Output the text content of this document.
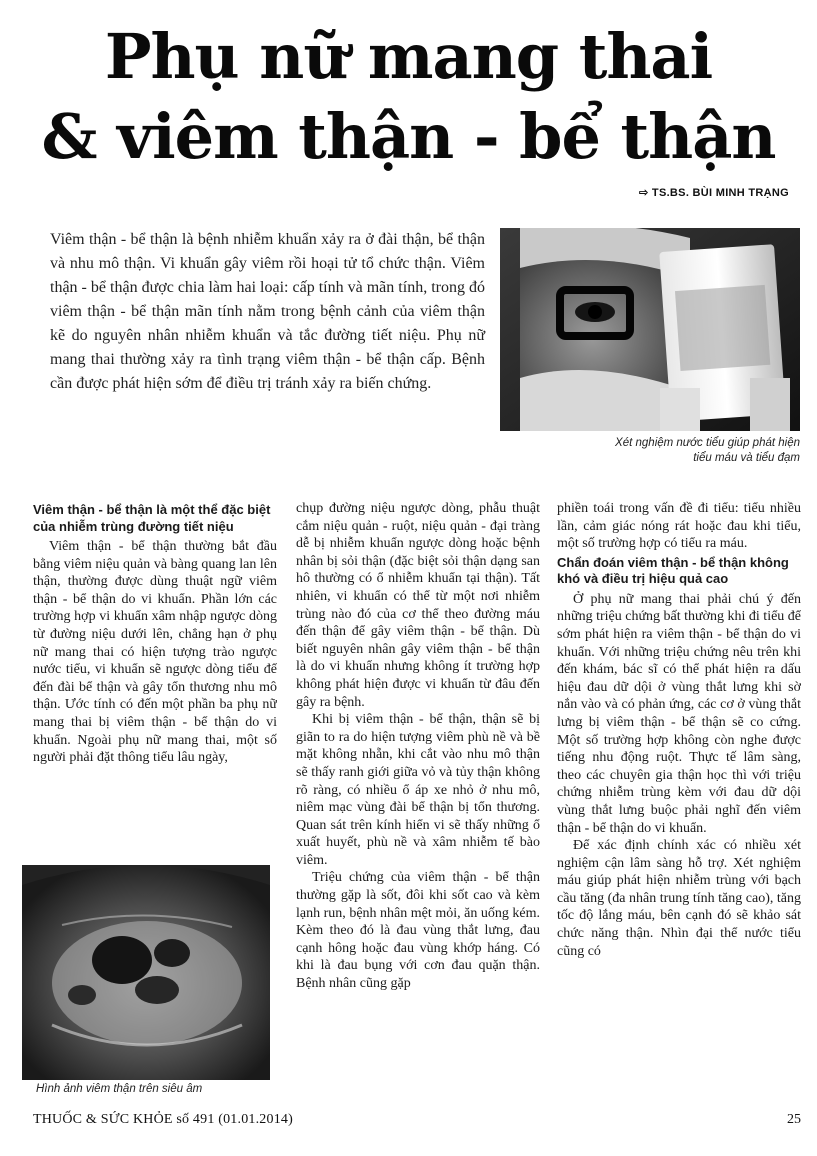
Phụ nữ mang thai
& viêm thận - bể thận
⇨ TS.BS. BÙI MINH TRẠNG
Viêm thận - bể thận là bệnh nhiễm khuẩn xảy ra ở đài thận, bể thận và nhu mô thận. Vi khuẩn gây viêm rồi hoại tử tổ chức thận. Viêm thận - bể thận được chia làm hai loại: cấp tính và mãn tính, trong đó viêm thận - bể thận mãn tính nằm trong bệnh cảnh của viêm thận kẽ do nguyên nhân nhiễm khuẩn và tắc đường tiết niệu. Phụ nữ mang thai thường xảy ra tình trạng viêm thận - bể thận cấp. Bệnh cần được phát hiện sớm để điều trị tránh xảy ra biến chứng.
Xét nghiệm nước tiểu giúp phát hiện
tiểu máu và tiểu đạm
Viêm thận - bể thận là một thể đặc biệt của nhiễm trùng đường tiết niệu

Viêm thận - bể thận thường bắt đầu bằng viêm niệu quản và bàng quang lan lên thận, thường được dùng thuật ngữ viêm thận - bể thận do vi khuẩn. Phần lớn các trường hợp vi khuẩn xâm nhập ngược dòng từ đường niệu dưới lên, chẳng hạn ở phụ nữ mang thai có hiện tượng trào ngược nước tiểu, vi khuẩn sẽ ngược dòng tiểu để đến đài bể thận và gây tổn thương nhu mô thận. Ước tính có đến một phần ba phụ nữ mang thai bị viêm thận - bể thận do vi khuẩn. Ngoài phụ nữ mang thai, một số người phải đặt thông tiểu lâu ngày,

chụp đường niệu ngược dòng, phẫu thuật cắm niệu quản - ruột, niệu quản - đại tràng dễ bị nhiễm khuẩn ngược dòng hoặc bệnh nhân bị sỏi thận (đặc biệt sỏi thận dạng san hô thường có ổ nhiễm khuẩn tại thận). Tất nhiên, vi khuẩn có thể từ một nơi nhiễm trùng nào đó của cơ thể theo đường máu đến thận để gây viêm thận - bể thận. Dù biết nguyên nhân gây viêm thận - bể thận là do vi khuẩn nhưng không ít trường hợp không phát hiện được vi khuẩn từ đâu đến gây ra bệnh.

Khi bị viêm thận - bể thận, thận sẽ bị giãn to ra do hiện tượng viêm phù nề và bề mặt không nhẵn, khi cắt vào nhu mô thận sẽ thấy ranh giới giữa vỏ và tủy thận không rõ ràng, có nhiều ổ áp xe nhỏ ở nhu mô, niêm mạc vùng đài bể thận bị tổn thương. Quan sát trên kính hiển vi sẽ thấy những ổ xuất huyết, phù nề và xâm nhiễm tế bào viêm.

Triệu chứng của viêm thận - bể thận thường gặp là sốt, đôi khi sốt cao và kèm lạnh run, bệnh nhân mệt mỏi, ăn uống kém. Kèm theo đó là đau vùng thắt lưng, đau cạnh hông hoặc đau vùng khớp háng. Có khi là đau bụng với cơn đau quặn thận. Bệnh nhân cũng gặp

phiền toái trong vấn đề đi tiểu: tiểu nhiều lần, cảm giác nóng rát hoặc đau khi tiểu, một số trường hợp có tiểu ra máu.

Chẩn đoán viêm thận - bể thận không khó và điều trị hiệu quả cao

Ở phụ nữ mang thai phải chú ý đến những triệu chứng bất thường khi đi tiểu để sớm phát hiện ra viêm thận - bể thận do vi khuẩn. Với những triệu chứng nêu trên khi đến khám, bác sĩ có thể phát hiện ra dấu hiệu đau dữ dội ở vùng thắt lưng khi sờ nắn vào và có phản ứng, các cơ ở vùng thắt lưng bị viêm thận - bể thận sẽ co cứng. Một số trường hợp không còn nghe được tiếng nhu động ruột. Thực tế lâm sàng, theo các chuyên gia thận học thì với triệu chứng nhiễm trùng kèm với đau dữ dội vùng thắt lưng buộc phải nghĩ đến viêm thận - bể thận do vi khuẩn.

Để xác định chính xác có nhiều xét nghiệm cận lâm sàng hỗ trợ. Xét nghiệm máu giúp phát hiện nhiễm trùng với bạch cầu tăng (đa nhân trung tính tăng cao), tăng tốc độ lắng máu, bên cạnh đó sẽ khảo sát chức năng thận. Nhìn đại thể nước tiểu cũng có

Hình ảnh viêm thận trên siêu âm
THUỐC & SỨC KHỎE số 491 (01.01.2014)	25
